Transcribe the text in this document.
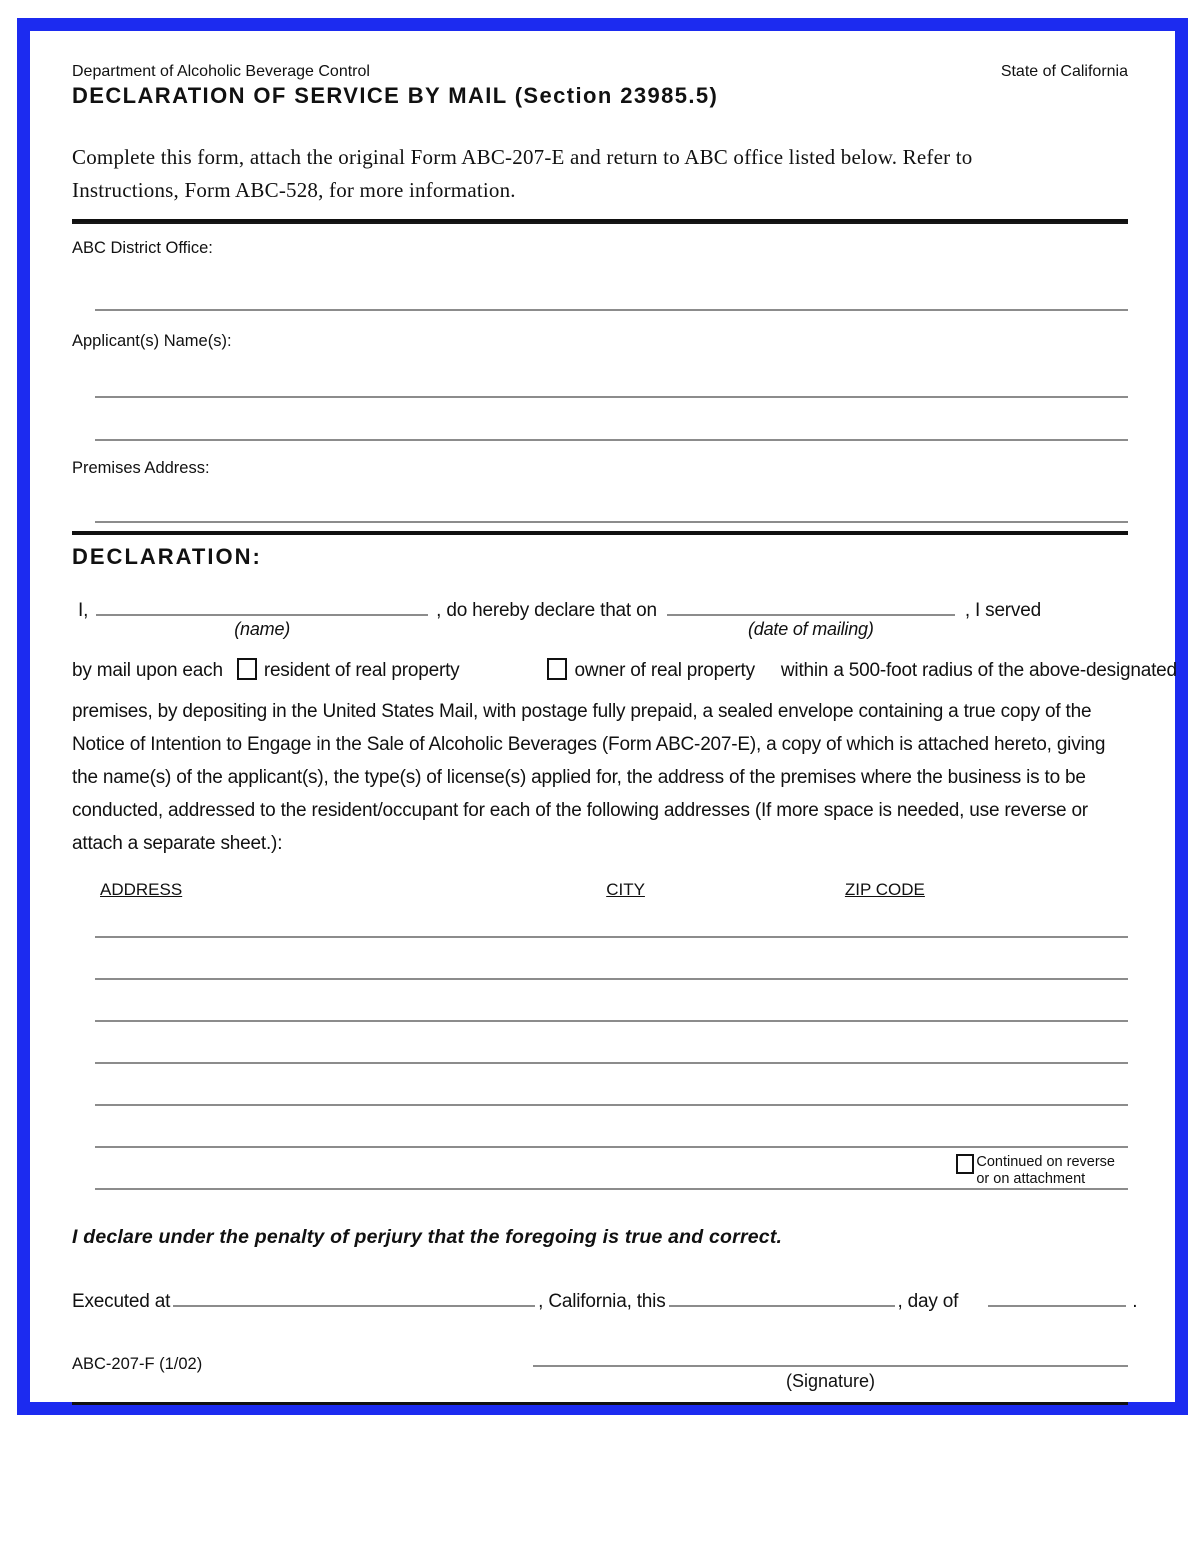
Department of Alcoholic Beverage Control	State of California
DECLARATION OF SERVICE BY MAIL (Section 23985.5)
Complete this form, attach the original Form ABC-207-E and return to ABC office listed below. Refer to Instructions, Form ABC-528, for more information.
ABC District Office:
Applicant(s) Name(s):
Premises Address:
DECLARATION:
I,
(name)
, do hereby declare that on
(date of mailing)
, I served
by mail upon each resident of real property	owner of real property within a 500-foot radius of the above-designated
premises, by depositing in the United States Mail, with postage fully prepaid, a sealed envelope containing a true copy of the Notice of Intention to Engage in the Sale of Alcoholic Beverages (Form ABC-207-E), a copy of which is attached hereto, giving the name(s) of the applicant(s), the type(s) of license(s) applied for, the address of the premises where the business is to be conducted, addressed to the resident/occupant for each of the following addresses (If more space is needed, use reverse or attach a separate sheet.):
ADDRESS	CITY	ZIP CODE
Continued on reverse
or on attachment
I declare under the penalty of perjury that the foregoing is true and correct.
Executed at	, California, this	, day of	.
(Signature)
ABC-207-F (1/02)
